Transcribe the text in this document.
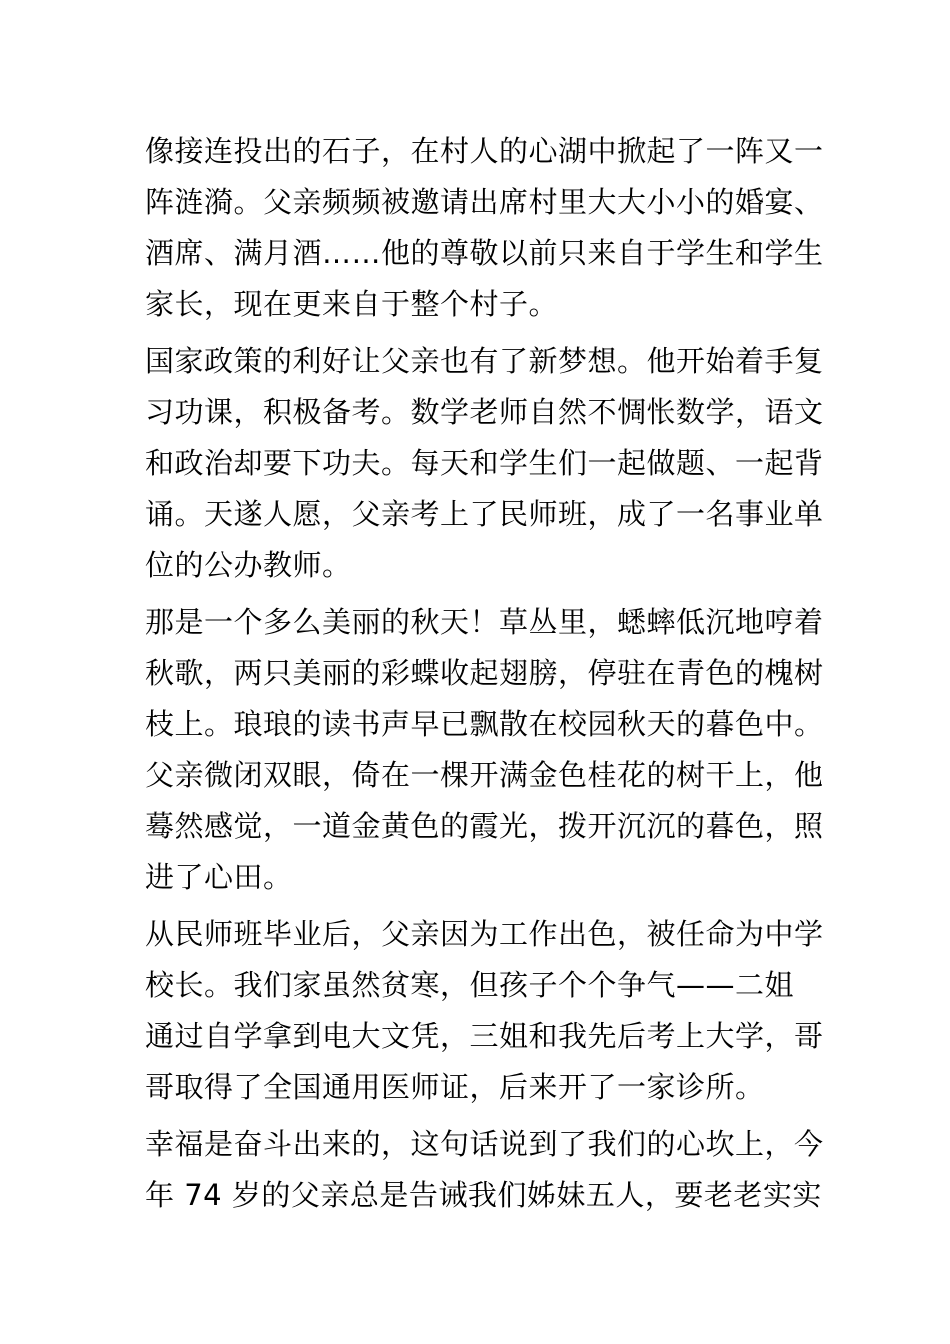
像接连投出的石子，在村人的心湖中掀起了一阵又一
阵涟漪。父亲频频被邀请出席村里大大小小的婚宴、
酒席、满月酒……他的尊敬以前只来自于学生和学生
家长，现在更来自于整个村子。
国家政策的利好让父亲也有了新梦想。他开始着手复
习功课，积极备考。数学老师自然不惆怅数学，语文
和政治却要下功夫。每天和学生们一起做题、一起背
诵。天遂人愿，父亲考上了民师班，成了一名事业单
位的公办教师。
那是一个多么美丽的秋天！草丛里，蟋蟀低沉地哼着
秋歌，两只美丽的彩蝶收起翅膀，停驻在青色的槐树
枝上。琅琅的读书声早已飘散在校园秋天的暮色中。
父亲微闭双眼，倚在一棵开满金色桂花的树干上，他
蓦然感觉，一道金黄色的霞光，拨开沉沉的暮色，照
进了心田。
从民师班毕业后，父亲因为工作出色，被任命为中学
校长。我们家虽然贫寒，但孩子个个争气——二姐
通过自学拿到电大文凭，三姐和我先后考上大学，哥
哥取得了全国通用医师证，后来开了一家诊所。
幸福是奋斗出来的，这句话说到了我们的心坎上，今
年 74 岁的父亲总是告诫我们姊妹五人，要老老实实
